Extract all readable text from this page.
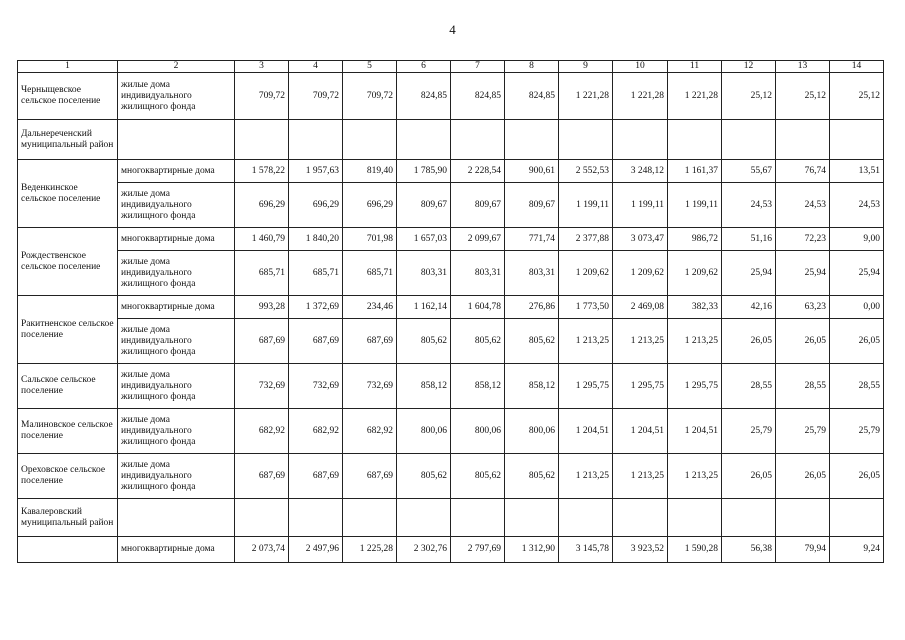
4
1	2	3	4	5	6	7	8	9	10	11	12	13	14
Черныщевское сельское поселение	жилые дома индивидуального жилищного фонда	709,72	709,72	709,72	824,85	824,85	824,85	1 221,28	1 221,28	1 221,28	25,12	25,12	25,12
Дальнереченский муниципальный район													
Веденкинское сельское поселение	многоквартирные дома	1 578,22	1 957,63	819,40	1 785,90	2 228,54	900,61	2 552,53	3 248,12	1 161,37	55,67	76,74	13,51
	жилые дома индивидуального жилищного фонда	696,29	696,29	696,29	809,67	809,67	809,67	1 199,11	1 199,11	1 199,11	24,53	24,53	24,53
Рождественское сельское поселение	многоквартирные дома	1 460,79	1 840,20	701,98	1 657,03	2 099,67	771,74	2 377,88	3 073,47	986,72	51,16	72,23	9,00
	жилые дома индивидуального жилищного фонда	685,71	685,71	685,71	803,31	803,31	803,31	1 209,62	1 209,62	1 209,62	25,94	25,94	25,94
Ракитненское сельское поселение	многоквартирные дома	993,28	1 372,69	234,46	1 162,14	1 604,78	276,86	1 773,50	2 469,08	382,33	42,16	63,23	0,00
	жилые дома индивидуального жилищного фонда	687,69	687,69	687,69	805,62	805,62	805,62	1 213,25	1 213,25	1 213,25	26,05	26,05	26,05
Сальское сельское поселение	жилые дома индивидуального жилищного фонда	732,69	732,69	732,69	858,12	858,12	858,12	1 295,75	1 295,75	1 295,75	28,55	28,55	28,55
Малиновское сельское поселение	жилые дома индивидуального жилищного фонда	682,92	682,92	682,92	800,06	800,06	800,06	1 204,51	1 204,51	1 204,51	25,79	25,79	25,79
Ореховское сельское поселение	жилые дома индивидуального жилищного фонда	687,69	687,69	687,69	805,62	805,62	805,62	1 213,25	1 213,25	1 213,25	26,05	26,05	26,05
Кавалеровский муниципальный район													
	многоквартирные дома	2 073,74	2 497,96	1 225,28	2 302,76	2 797,69	1 312,90	3 145,78	3 923,52	1 590,28	56,38	79,94	9,24
